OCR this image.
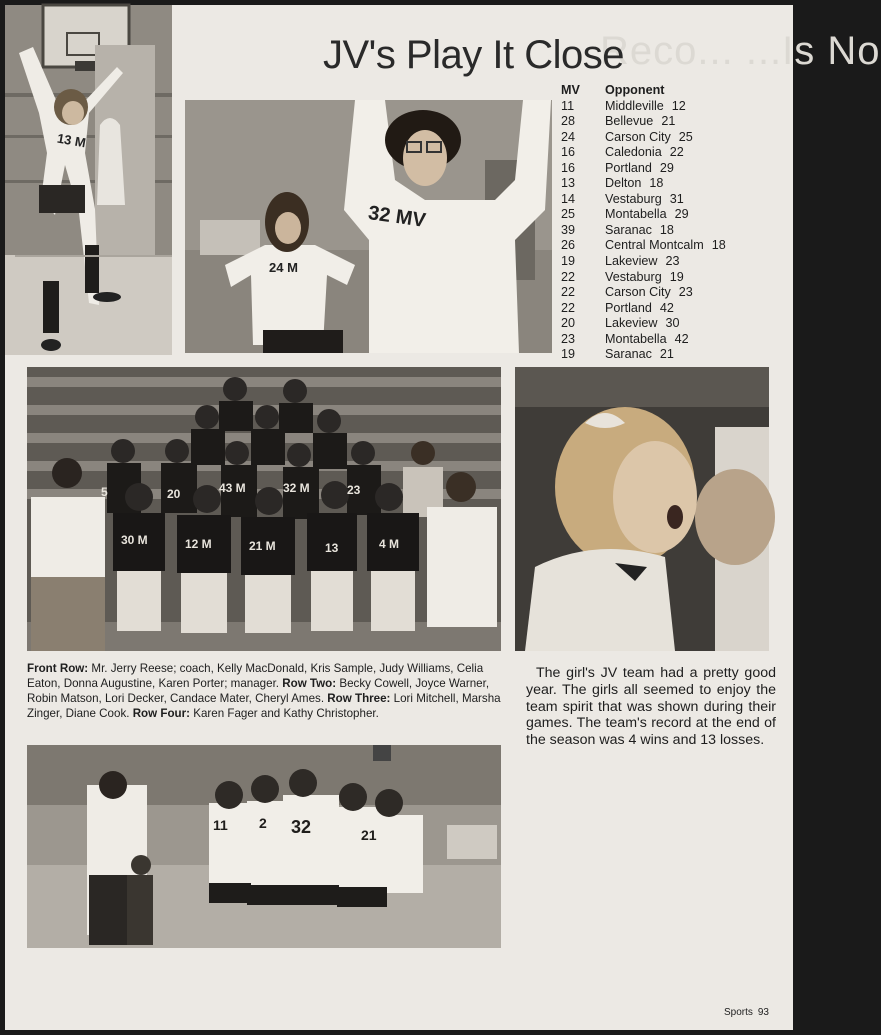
Reco... ...Is No
13 M
32 MV
24 M
JV's Play It Close
MV	Opponent
11	Middleville 12
28	Bellevue 21
24	Carson City 25
16	Caledonia 22
16	Portland 29
13	Delton 18
14	Vestaburg 31
25	Montabella 29
39	Saranac 18
26	Central Montcalm 18
19	Lakeview 23
22	Vestaburg 19
22	Carson City 23
22	Portland 42
20	Lakeview 30
23	Montabella 42
19	Saranac 21
5	20	43 M	32 M	23
30 M	12 M	21 M	13	4 M
Front Row: Mr. Jerry Reese; coach, Kelly MacDonald, Kris Sample, Judy Williams, Celia Eaton, Donna Augustine, Karen Porter; manager. Row Two: Becky Cowell, Joyce Warner, Robin Matson, Lori Decker, Candace Mater, Cheryl Ames. Row Three: Lori Mitchell, Marsha Zinger, Diane Cook. Row Four: Karen Fager and Kathy Christopher.
The girl's JV team had a pretty good year. The girls all seemed to enjoy the team spirit that was shown during their games. The team's record at the end of the season was 4 wins and 13 losses.
11 2 32	21
Sports 93
